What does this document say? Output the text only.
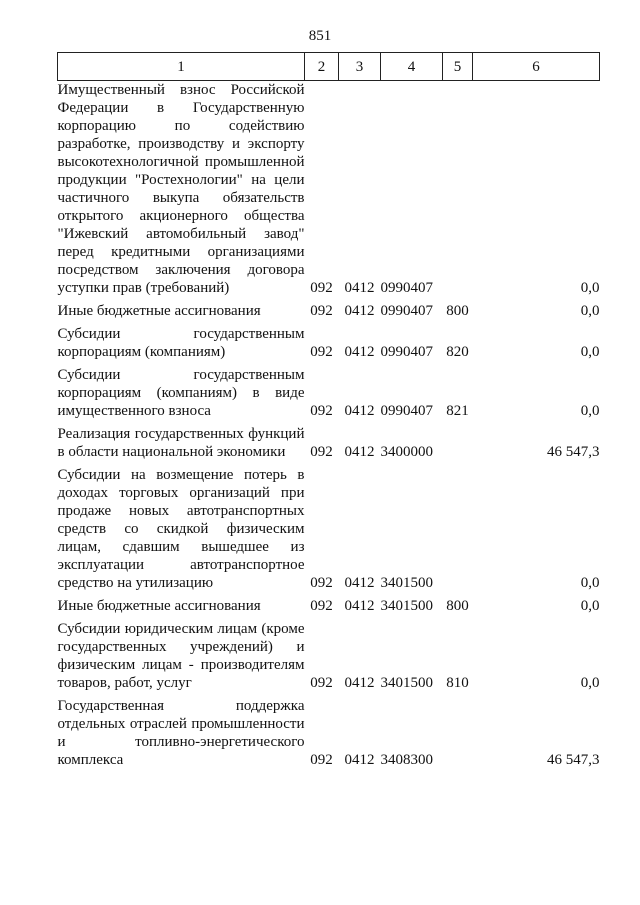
851
1	2	3	4	5	6
Имущественный взнос Российской Федерации в Государственную корпорацию по содействию разработке, производству и экспорту высокотехнологичной промышленной продукции "Ростехнологии" на цели частичного выкупа обязательств открытого акционерного общества "Ижевский автомобильный завод" перед кредитными организациями посредством заключения договора уступки прав (требований)	092	0412	0990407		0,0
Иные бюджетные ассигнования	092	0412	0990407	800	0,0
Субсидии государственным корпорациям (компаниям)	092	0412	0990407	820	0,0
Субсидии государственным корпорациям (компаниям) в виде имущественного взноса	092	0412	0990407	821	0,0
Реализация государственных функций в области национальной экономики	092	0412	3400000		46 547,3
Субсидии на возмещение потерь в доходах торговых организаций при продаже новых автотранспортных средств со скидкой физическим лицам, сдавшим вышедшее из эксплуатации автотранспортное средство на утилизацию	092	0412	3401500		0,0
Иные бюджетные ассигнования	092	0412	3401500	800	0,0
Субсидии юридическим лицам (кроме государственных учреждений) и физическим лицам - производителям товаров, работ, услуг	092	0412	3401500	810	0,0
Государственная поддержка отдельных отраслей промышленности и топливно-энергетического комплекса	092	0412	3408300		46 547,3
